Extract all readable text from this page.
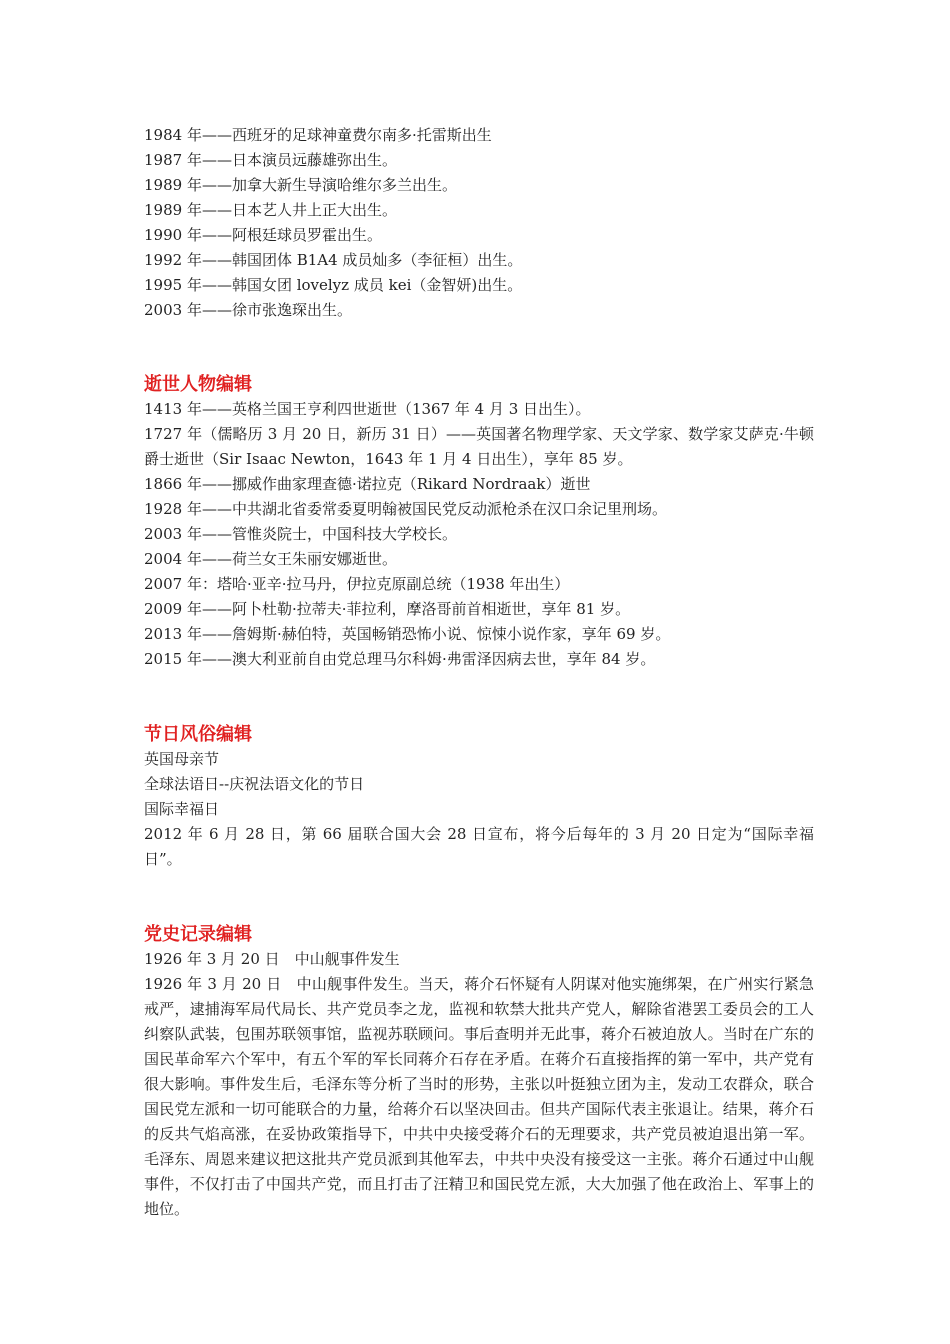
1984 年——西班牙的足球神童费尔南多·托雷斯出生
1987 年——日本演员远藤雄弥出生。
1989 年——加拿大新生导演哈维尔多兰出生。
1989 年——日本艺人井上正大出生。
1990 年——阿根廷球员罗霍出生。
1992 年——韩国团体 B1A4 成员灿多（李征桓）出生。
1995 年——韩国女团 lovelyz 成员 kei（金智妍)出生。
2003 年——徐市张逸琛出生。
逝世人物编辑
1413 年——英格兰国王亨利四世逝世（1367 年 4 月 3 日出生）。
1727 年（儒略历 3 月 20 日，新历 31 日）——英国著名物理学家、天文学家、数学家艾萨克·牛顿爵士逝世（Sir Isaac Newton，1643 年 1 月 4 日出生），享年 85 岁。
1866 年——挪威作曲家理查德·诺拉克（Rikard Nordraak）逝世
1928 年——中共湖北省委常委夏明翰被国民党反动派枪杀在汉口余记里刑场。
2003 年——管惟炎院士，中国科技大学校长。
2004 年——荷兰女王朱丽安娜逝世。
2007 年：塔哈·亚辛·拉马丹，伊拉克原副总统（1938 年出生）
2009 年——阿卜杜勒·拉蒂夫·菲拉利，摩洛哥前首相逝世，享年 81 岁。
2013 年——詹姆斯·赫伯特，英国畅销恐怖小说、惊悚小说作家，享年 69 岁。
2015 年——澳大利亚前自由党总理马尔科姆·弗雷泽因病去世，享年 84 岁。
节日风俗编辑
英国母亲节
全球法语日--庆祝法语文化的节日
国际幸福日
2012 年 6 月 28 日，第 66 届联合国大会 28 日宣布，将今后每年的 3 月 20 日定为“国际幸福日”。
党史记录编辑
1926 年 3 月 20 日　中山舰事件发生
1926 年 3 月 20 日　中山舰事件发生。当天，蒋介石怀疑有人阴谋对他实施绑架，在广州实行紧急戒严，逮捕海军局代局长、共产党员李之龙，监视和软禁大批共产党人，解除省港罢工委员会的工人纠察队武装，包围苏联领事馆，监视苏联顾问。事后查明并无此事，蒋介石被迫放人。当时在广东的国民革命军六个军中，有五个军的军长同蒋介石存在矛盾。在蒋介石直接指挥的第一军中，共产党有很大影响。事件发生后，毛泽东等分析了当时的形势，主张以叶挺独立团为主，发动工农群众，联合国民党左派和一切可能联合的力量，给蒋介石以坚决回击。但共产国际代表主张退让。结果，蒋介石的反共气焰高涨，在妥协政策指导下，中共中央接受蒋介石的无理要求，共产党员被迫退出第一军。毛泽东、周恩来建议把这批共产党员派到其他军去，中共中央没有接受这一主张。蒋介石通过中山舰事件，不仅打击了中国共产党，而且打击了汪精卫和国民党左派，大大加强了他在政治上、军事上的地位。
